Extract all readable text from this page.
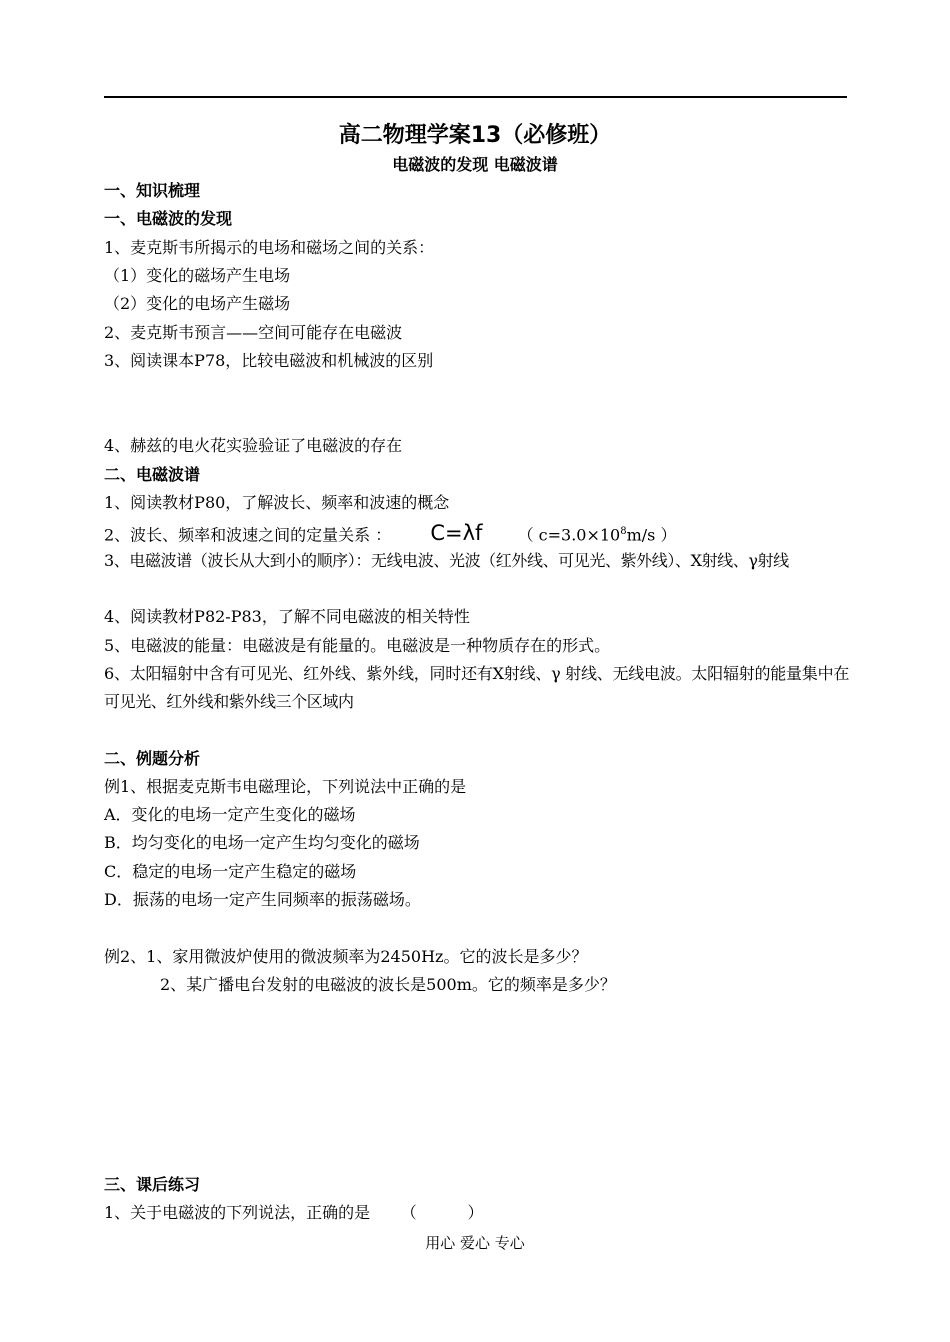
高二物理学案13（必修班）
电磁波的发现 电磁波谱
一、知识梳理
一、电磁波的发现
1、麦克斯韦所揭示的电场和磁场之间的关系：
（1）变化的磁场产生电场
（2）变化的电场产生磁场
2、麦克斯韦预言——空间可能存在电磁波
3、阅读课本P78，比较电磁波和机械波的区别
4、赫兹的电火花实验验证了电磁波的存在
二、电磁波谱
1、阅读教材P80，了解波长、频率和波速的概念
2、波长、频率和波速之间的定量关系 ： C=λf （ $c=3.0\times 10^8m/s$ ）
3、电磁波谱（波长从大到小的顺序）：无线电波、光波（红外线、可见光、紫外线）、X射线、γ射线
4、阅读教材P82-P83，了解不同电磁波的相关特性
5、电磁波的能量：电磁波是有能量的。电磁波是一种物质存在的形式。
6、太阳辐射中含有可见光、红外线、紫外线，同时还有X射线、γ 射线、无线电波。太阳辐射的能量集中在可见光、红外线和紫外线三个区域内
二、例题分析
例1、根据麦克斯韦电磁理论，下列说法中正确的是
A．变化的电场一定产生变化的磁场
B．均匀变化的电场一定产生均匀变化的磁场
C．稳定的电场一定产生稳定的磁场
D．振荡的电场一定产生同频率的振荡磁场。
例2、1、家用微波炉使用的微波频率为2450Hz。它的波长是多少？
2、某广播电台发射的电磁波的波长是500m。它的频率是多少？
三、课后练习
1、关于电磁波的下列说法，正确的是      （          ）
用心 爱心 专心
